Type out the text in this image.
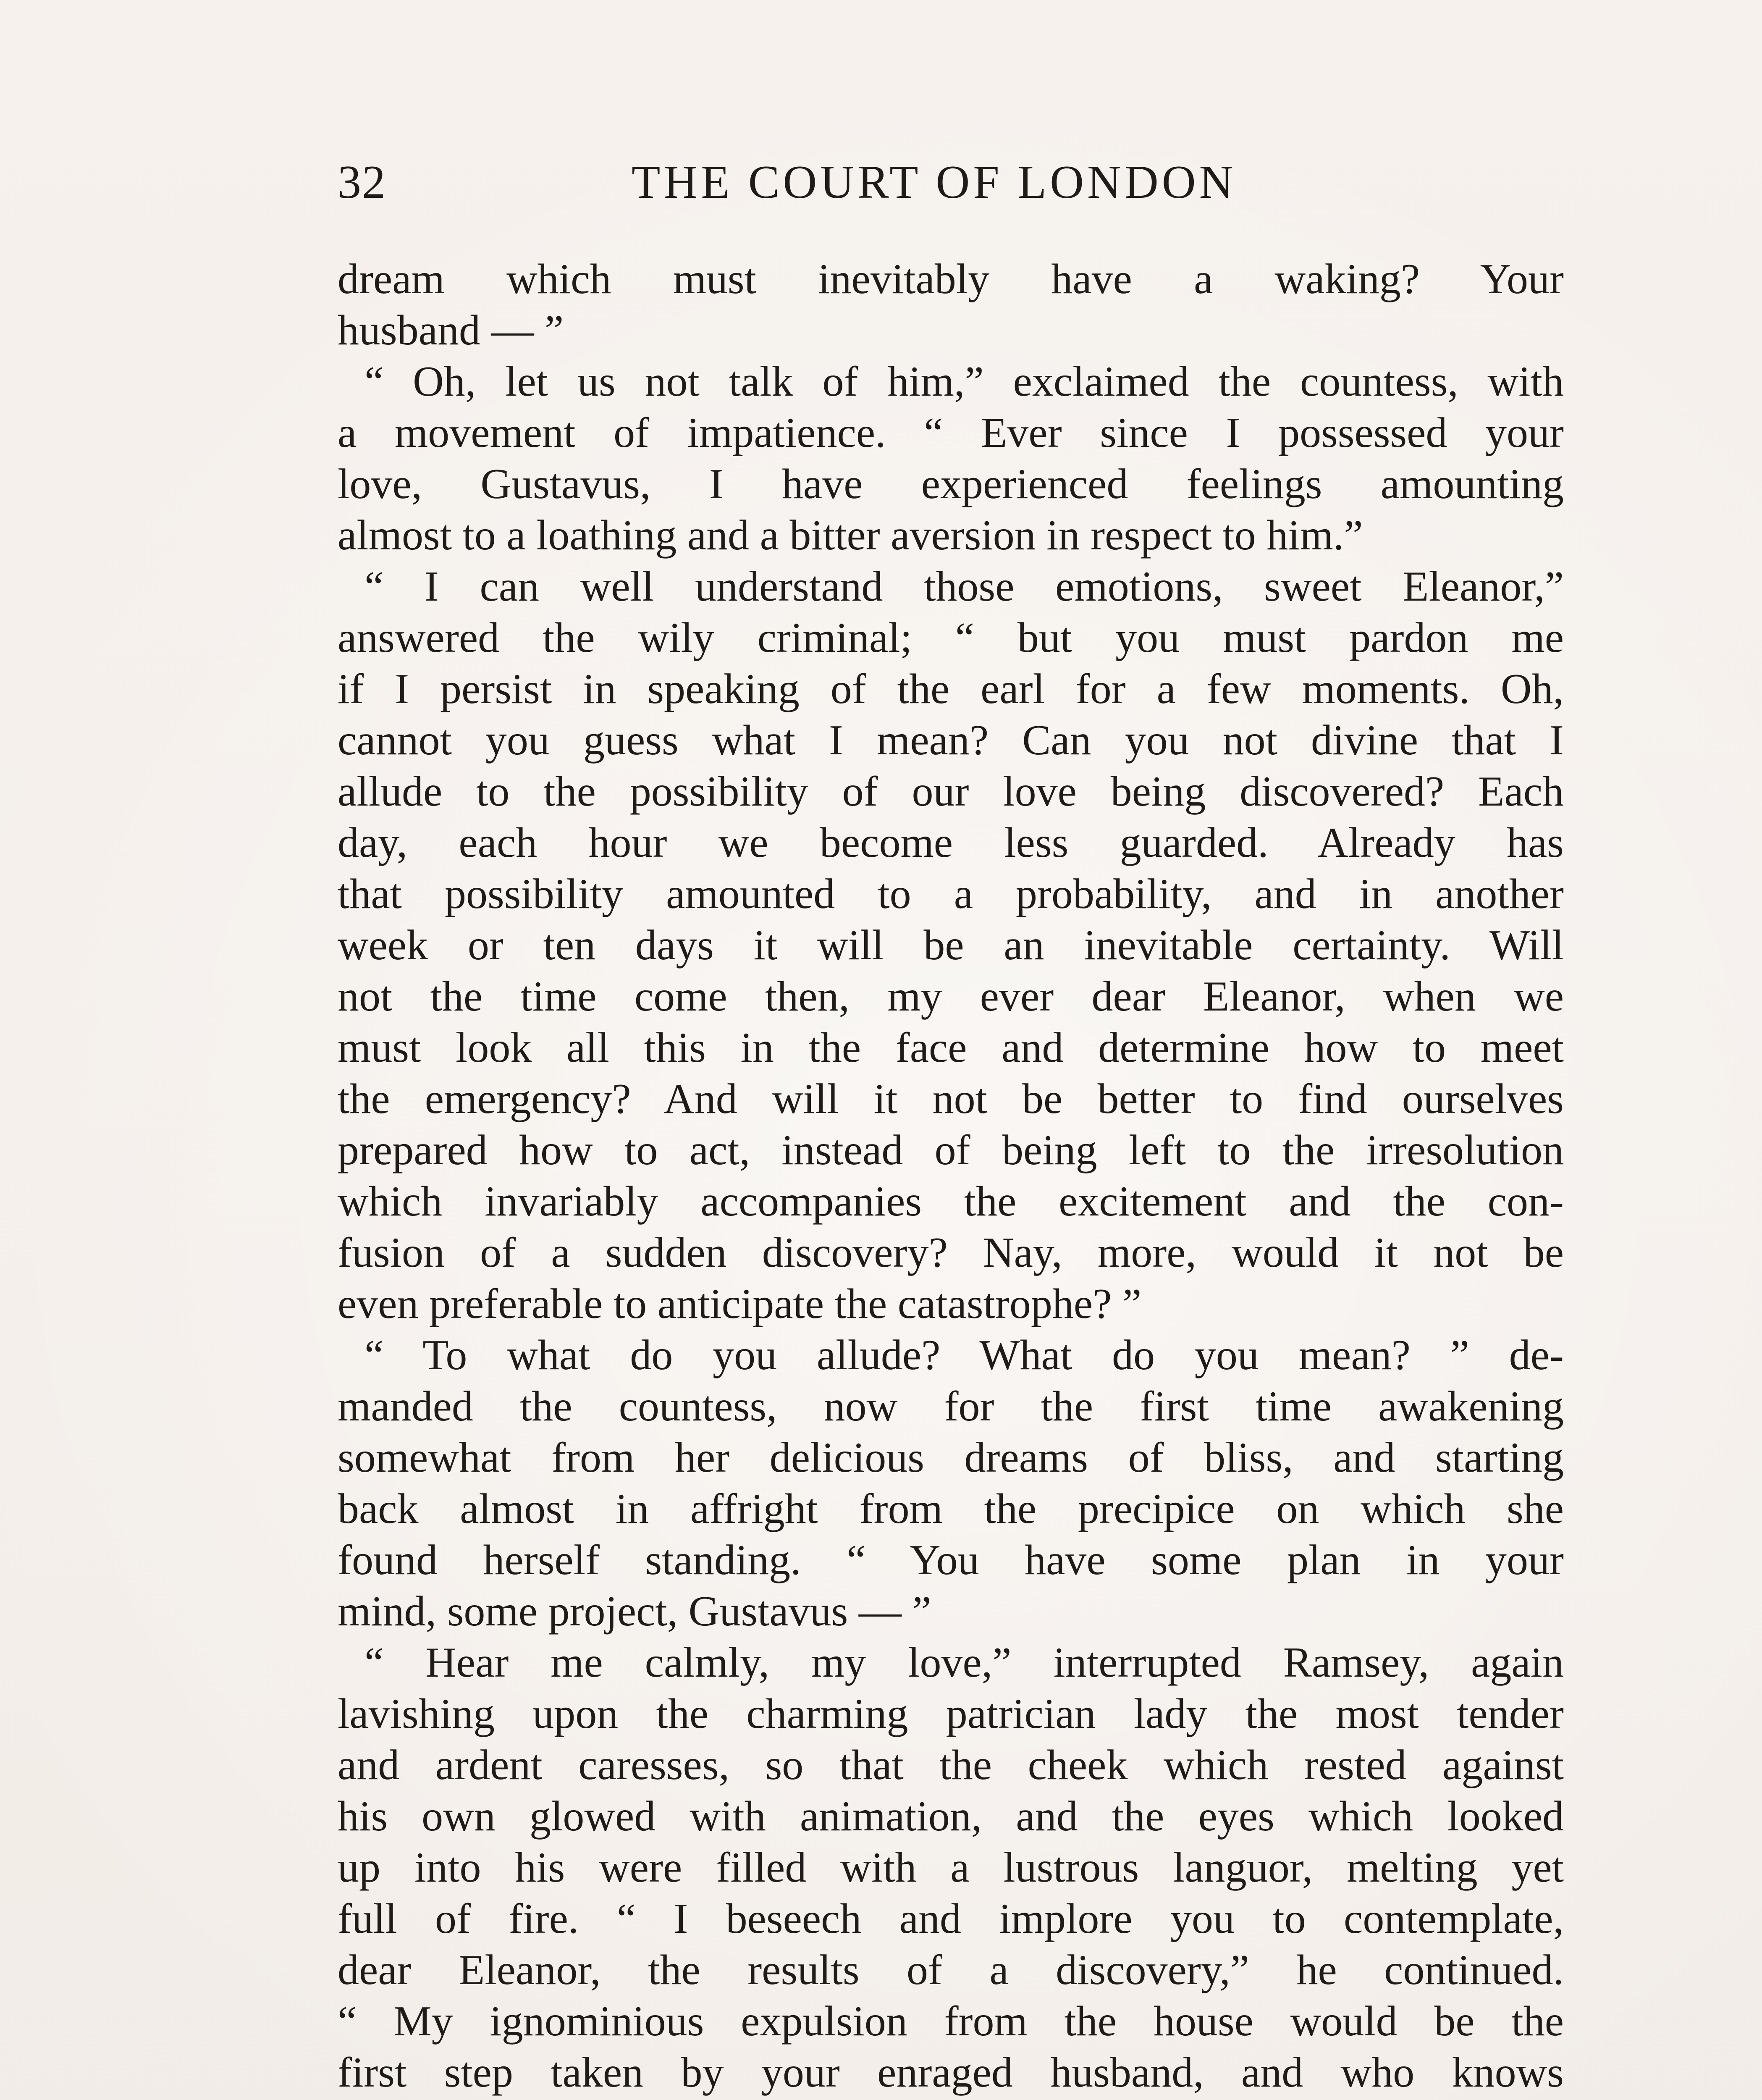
32	THE COURT OF LONDON
dream which must inevitably have a waking? Your
husband — ”
“ Oh, let us not talk of him,” exclaimed the countess, with
a movement of impatience. “ Ever since I possessed your
love, Gustavus, I have experienced feelings amounting
almost to a loathing and a bitter aversion in respect to him.”
“ I can well understand those emotions, sweet Eleanor,”
answered the wily criminal; “ but you must pardon me
if I persist in speaking of the earl for a few moments. Oh,
cannot you guess what I mean? Can you not divine that I
allude to the possibility of our love being discovered? Each
day, each hour we become less guarded. Already has
that possibility amounted to a probability, and in another
week or ten days it will be an inevitable certainty. Will
not the time come then, my ever dear Eleanor, when we
must look all this in the face and determine how to meet
the emergency? And will it not be better to find ourselves
prepared how to act, instead of being left to the irresolution
which invariably accompanies the excitement and the con-
fusion of a sudden discovery? Nay, more, would it not be
even preferable to anticipate the catastrophe? ”
“ To what do you allude? What do you mean? ” de-
manded the countess, now for the first time awakening
somewhat from her delicious dreams of bliss, and starting
back almost in affright from the precipice on which she
found herself standing. “ You have some plan in your
mind, some project, Gustavus — ”
“ Hear me calmly, my love,” interrupted Ramsey, again
lavishing upon the charming patrician lady the most tender
and ardent caresses, so that the cheek which rested against
his own glowed with animation, and the eyes which looked
up into his were filled with a lustrous languor, melting yet
full of fire. “ I beseech and implore you to contemplate,
dear Eleanor, the results of a discovery,” he continued.
“ My ignominious expulsion from the house would be the
first step taken by your enraged husband, and who knows
